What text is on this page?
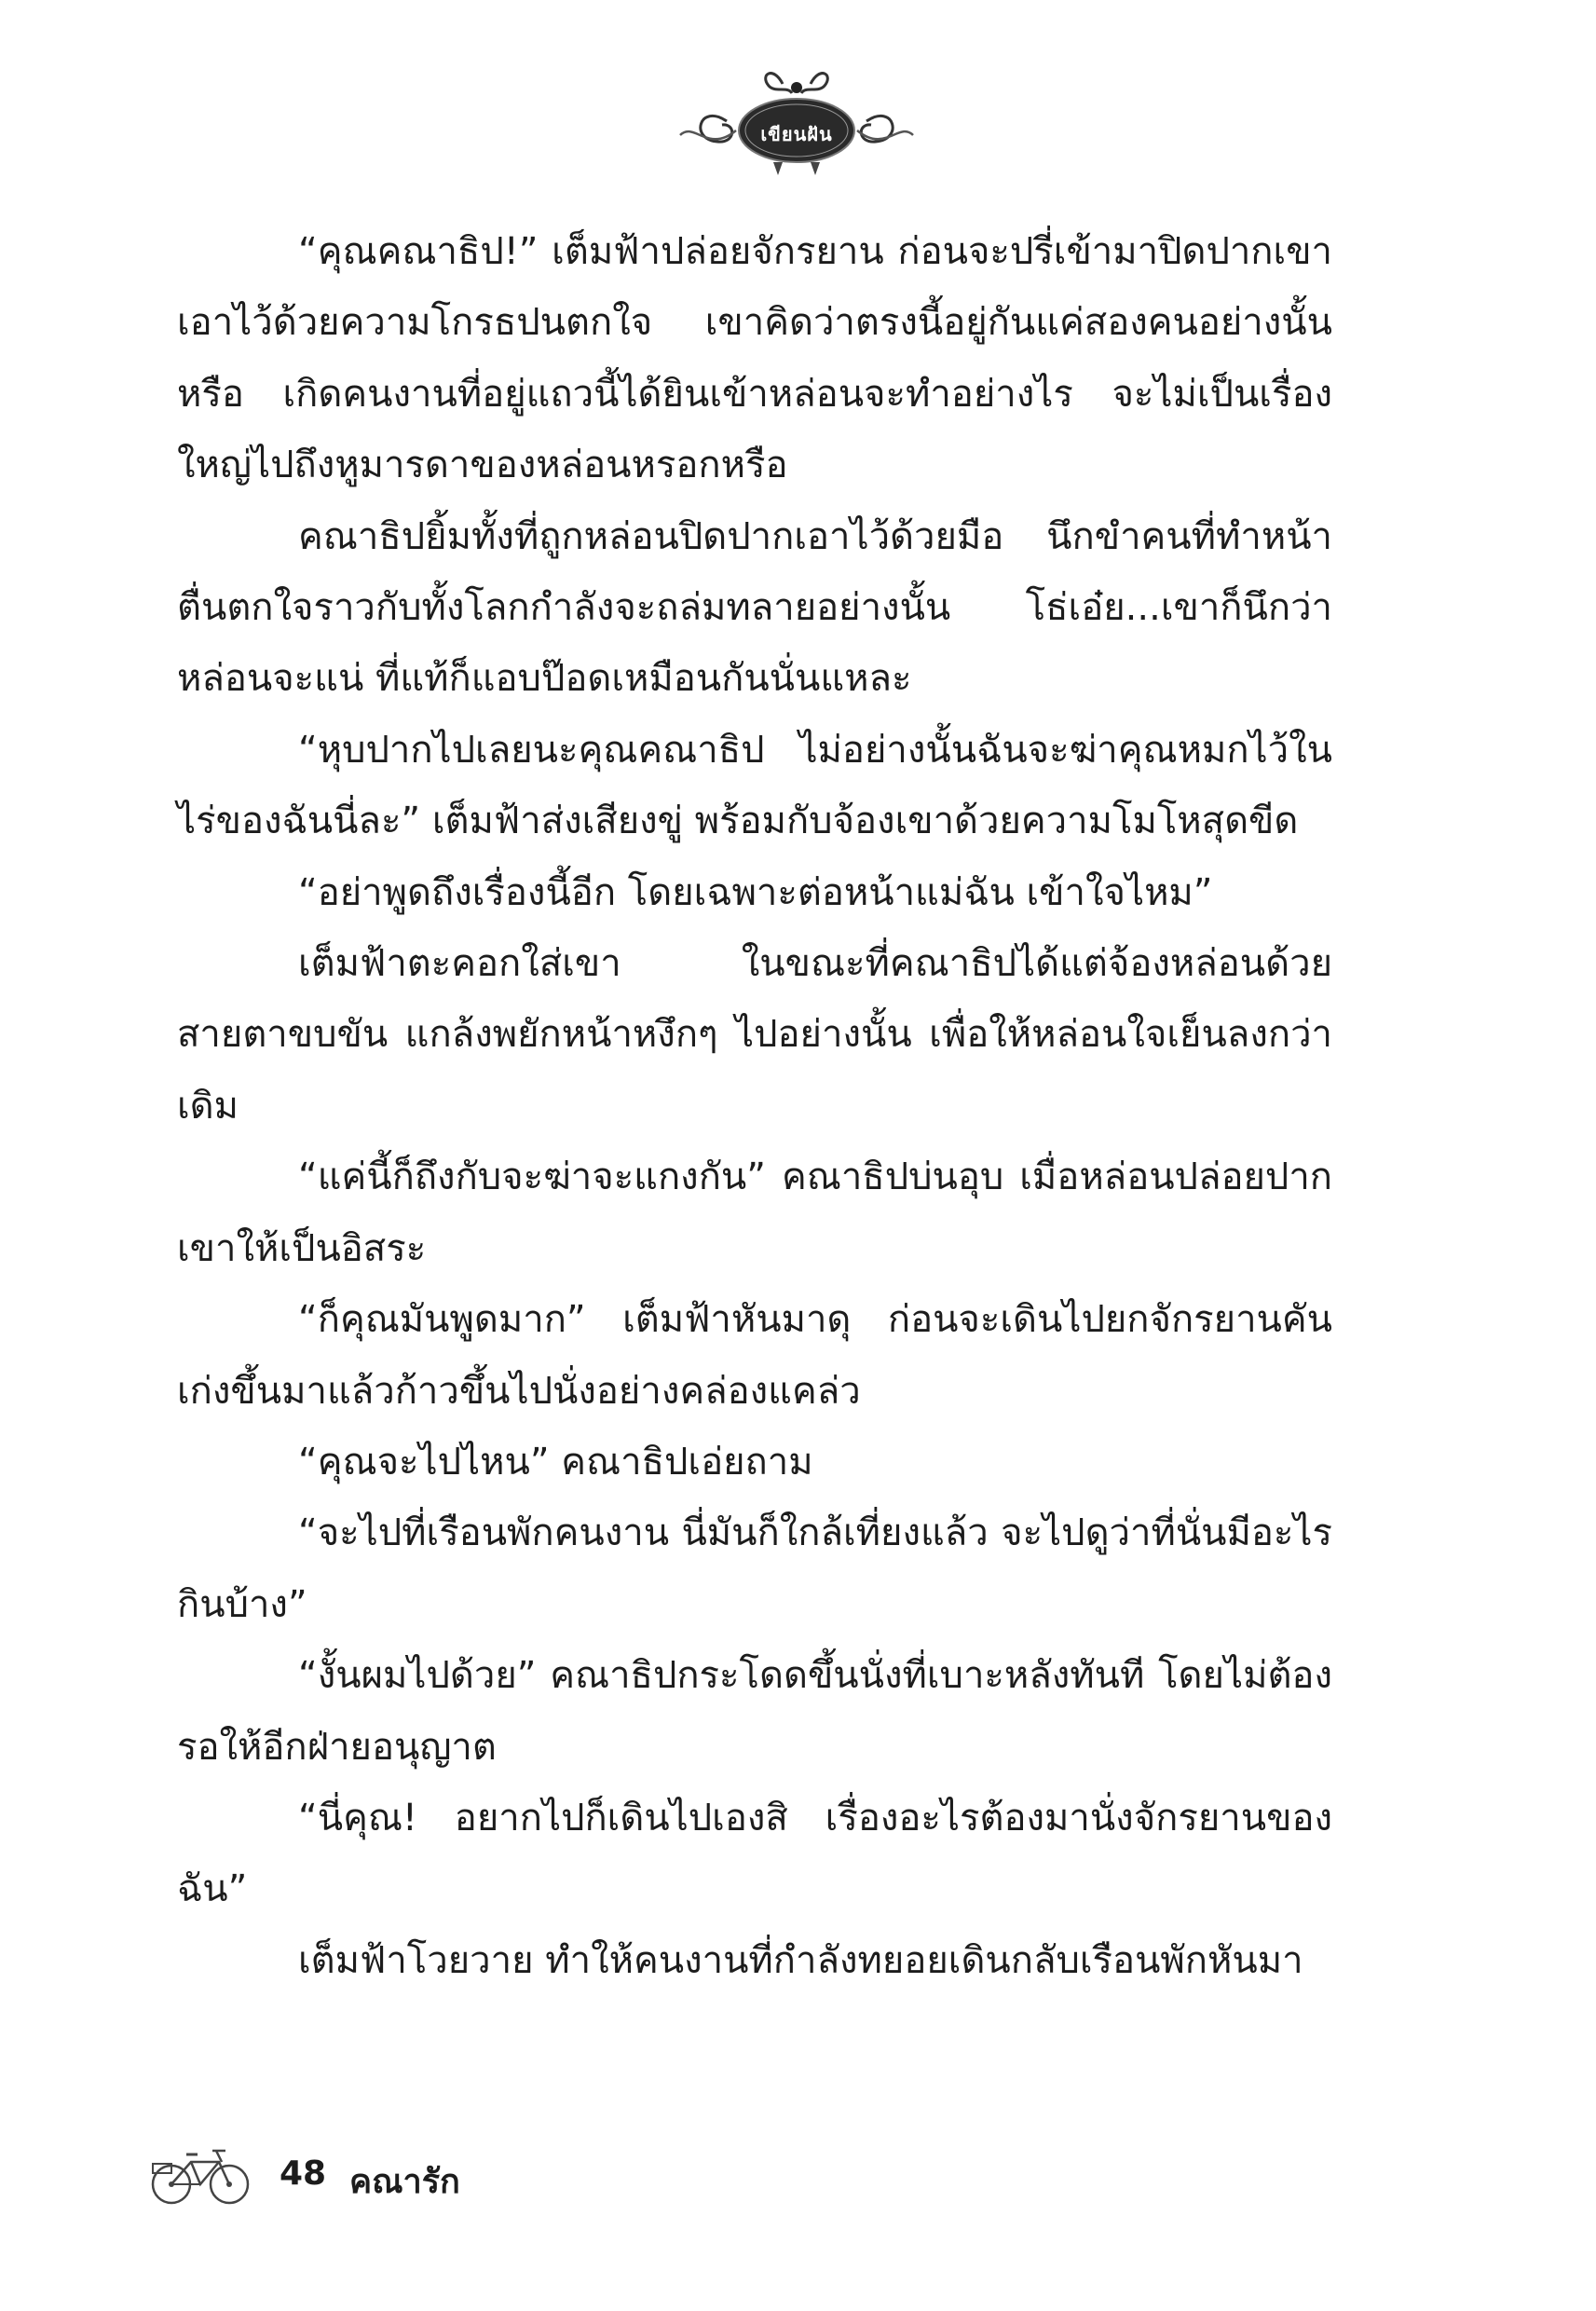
เขียนฝัน

“คุณคณาธิป!” เต็มฟ้าปล่อยจักรยาน ก่อนจะปรี่เข้ามาปิดปากเขาเอาไว้ด้วยความโกรธปนตกใจ เขาคิดว่าตรงนี้อยู่กันแค่สองคนอย่างนั้นหรือ เกิดคนงานที่อยู่แถวนี้ได้ยินเข้าหล่อนจะทำอย่างไร จะไม่เป็นเรื่องใหญ่ไปถึงหูมารดาของหล่อนหรอกหรือ

คณาธิปยิ้มทั้งที่ถูกหล่อนปิดปากเอาไว้ด้วยมือ นึกขำคนที่ทำหน้าตื่นตกใจราวกับทั้งโลกกำลังจะถล่มทลายอย่างนั้น โธ่เอ๋ย...เขาก็นึกว่าหล่อนจะแน่ ที่แท้ก็แอบป๊อดเหมือนกันนั่นแหละ

“หุบปากไปเลยนะคุณคณาธิป ไม่อย่างนั้นฉันจะฆ่าคุณหมกไว้ในไร่ของฉันนี่ละ” เต็มฟ้าส่งเสียงขู่ พร้อมกับจ้องเขาด้วยความโมโหสุดขีด

“อย่าพูดถึงเรื่องนี้อีก โดยเฉพาะต่อหน้าแม่ฉัน เข้าใจไหม”

เต็มฟ้าตะคอกใส่เขา ในขณะที่คณาธิปได้แต่จ้องหล่อนด้วยสายตาขบขัน แกล้งพยักหน้าหงึกๆ ไปอย่างนั้น เพื่อให้หล่อนใจเย็นลงกว่าเดิม

“แค่นี้ก็ถึงกับจะฆ่าจะแกงกัน” คณาธิปบ่นอุบ เมื่อหล่อนปล่อยปากเขาให้เป็นอิสระ

“ก็คุณมันพูดมาก” เต็มฟ้าหันมาดุ ก่อนจะเดินไปยกจักรยานคันเก่งขึ้นมาแล้วก้าวขึ้นไปนั่งอย่างคล่องแคล่ว

“คุณจะไปไหน” คณาธิปเอ่ยถาม

“จะไปที่เรือนพักคนงาน นี่มันก็ใกล้เที่ยงแล้ว จะไปดูว่าที่นั่นมีอะไรกินบ้าง”

“งั้นผมไปด้วย” คณาธิปกระโดดขึ้นนั่งที่เบาะหลังทันที โดยไม่ต้องรอให้อีกฝ่ายอนุญาต

“นี่คุณ! อยากไปก็เดินไปเองสิ เรื่องอะไรต้องมานั่งจักรยานของฉัน”

เต็มฟ้าโวยวาย ทำให้คนงานที่กำลังทยอยเดินกลับเรือนพักหันมา

48 คณารัก
